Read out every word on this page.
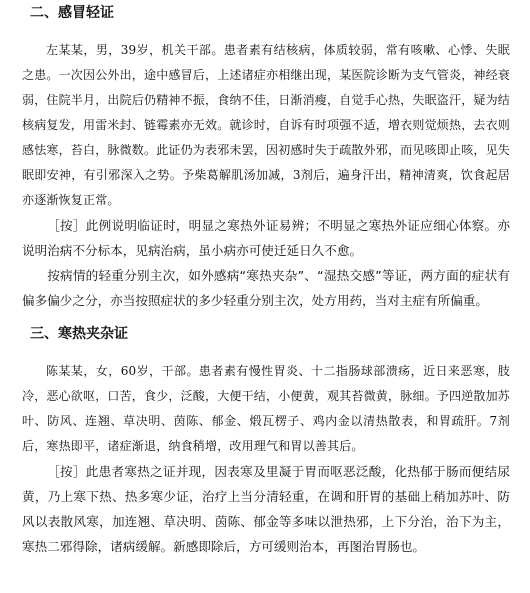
二、感冒轻证

左某某，男，39岁，机关干部。患者素有结核病，体质较弱，常有咳嗽、心悸、失眠之患。一次因公外出，途中感冒后，上述诸症亦相继出现，某医院诊断为支气管炎，神经衰弱，住院半月，出院后仍精神不振，食纳不佳，日渐消瘦，自觉手心热，失眠盗汗，疑为结核病复发，用雷米封、链霉素亦无效。就诊时，自诉有时项强不适，增衣则觉烦热，去衣则感怯寒，苔白，脉微数。此证仍为表邪未罢，因初感时失于疏散外邪，而见咳即止咳，见失眠即安神，有引邪深入之势。予柴葛解肌汤加减，3剂后，遍身汗出，精神清爽，饮食起居亦逐渐恢复正常。

［按］此例说明临证时，明显之寒热外证易辨；不明显之寒热外证应细心体察。亦说明治病不分标本，见病治病，虽小病亦可使迁延日久不愈。

按病情的轻重分别主次，如外感病“寒热夹杂”、“湿热交感”等证，两方面的症状有偏多偏少之分，亦当按照症状的多少轻重分别主次，处方用药，当对主症有所偏重。

三、寒热夹杂证

陈某某，女，60岁，干部。患者素有慢性胃炎、十二指肠球部溃疡，近日来恶寒，肢冷，恶心欲呕，口苦，食少，泛酸，大便干结，小便黄，观其苔微黄，脉细。予四逆散加苏叶、防风、连翘、草决明、茵陈、郁金、煅瓦楞子、鸡内金以清热散表，和胃疏肝。7剂后，寒热即平，诸症渐退，纳食稍增，改用理气和胃以善其后。

［按］此患者寒热之证并现，因表寒及里凝于胃而呕恶泛酸，化热郁于肠而便结尿黄，乃上寒下热、热多寒少证，治疗上当分清轻重，在调和肝胃的基础上稍加苏叶、防风以表散风寒，加连翘、草决明、茵陈、郁金等多味以泄热邪，上下分治，治下为主，寒热二邪得除，诸病缓解。新感即除后，方可缓则治本，再图治胃肠也。
